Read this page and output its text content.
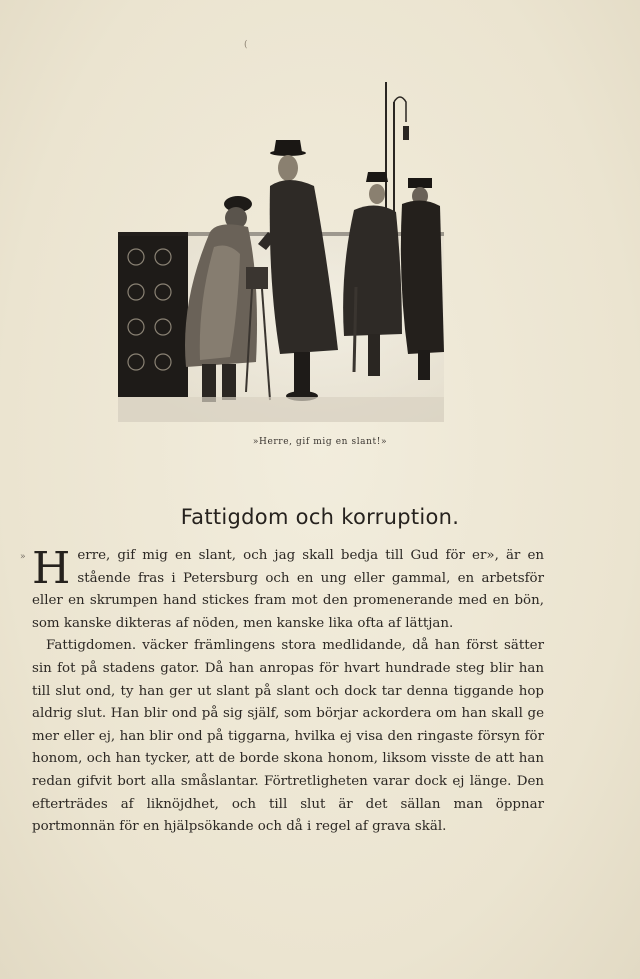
(
»Herre, gif mig en slant!»
Fattigdom och korruption.
» Herre, gif mig en slant, och jag skall bedja till Gud för er», är en stående fras i Petersburg och en ung eller gammal, en arbetsför eller en skrumpen hand stickes fram mot den promenerande med en bön, som kanske dikteras af nöden, men kanske lika ofta af lättjan.

Fattigdomen. väcker främlingens stora medlidande, då han först sätter sin fot på stadens gator. Då han anropas för hvart hundrade steg blir han till slut ond, ty han ger ut slant på slant och dock tar denna tiggande hop aldrig slut. Han blir ond på sig själf, som börjar ackordera om han skall ge mer eller ej, han blir ond på tiggarna, hvilka ej visa den ringaste försyn för honom, och han tycker, att de borde skona honom, liksom visste de att han redan gifvit bort alla småslantar. Förtretligheten varar dock ej länge. Den efterträdes af liknöjdhet, och till slut är det sällan man öppnar portmonnän för en hjälpsökande och då i regel af grava skäl.
